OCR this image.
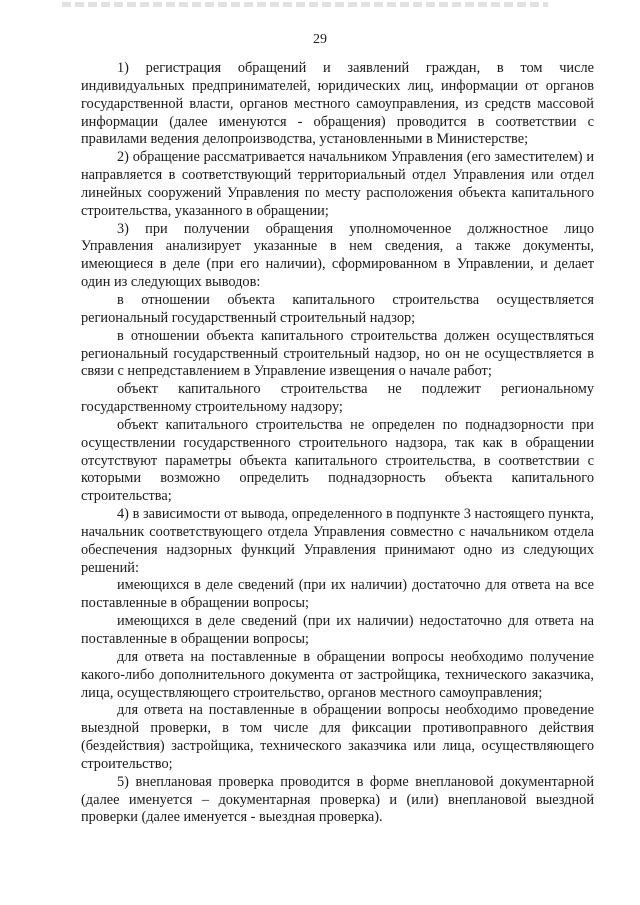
29

1) регистрация обращений и заявлений граждан, в том числе индивидуальных предпринимателей, юридических лиц, информации от органов государственной власти, органов местного самоуправления, из средств массовой информации (далее именуются - обращения) проводится в соответствии с правилами ведения делопроизводства, установленными в Министерстве;

2) обращение рассматривается начальником Управления (его заместителем) и направляется в соответствующий территориальный отдел Управления или отдел линейных сооружений Управления по месту расположения объекта капитального строительства, указанного в обращении;

3) при получении обращения уполномоченное должностное лицо Управления анализирует указанные в нем сведения, а также документы, имеющиеся в деле (при его наличии), сформированном в Управлении, и делает один из следующих выводов:

в отношении объекта капитального строительства осуществляется региональный государственный строительный надзор;

в отношении объекта капитального строительства должен осуществляться региональный государственный строительный надзор, но он не осуществляется в связи с непредставлением в Управление извещения о начале работ;

объект капитального строительства не подлежит региональному государственному строительному надзору;

объект капитального строительства не определен по поднадзорности при осуществлении государственного строительного надзора, так как в обращении отсутствуют параметры объекта капитального строительства, в соответствии с которыми возможно определить поднадзорность объекта капитального строительства;

4) в зависимости от вывода, определенного в подпункте 3 настоящего пункта, начальник соответствующего отдела Управления совместно с начальником отдела обеспечения надзорных функций Управления принимают одно из следующих решений:

имеющихся в деле сведений (при их наличии) достаточно для ответа на все поставленные в обращении вопросы;

имеющихся в деле сведений (при их наличии) недостаточно для ответа на поставленные в обращении вопросы;

для ответа на поставленные в обращении вопросы необходимо получение какого-либо дополнительного документа от застройщика, технического заказчика, лица, осуществляющего строительство, органов местного самоуправления;

для ответа на поставленные в обращении вопросы необходимо проведение выездной проверки, в том числе для фиксации противоправного действия (бездействия) застройщика, технического заказчика или лица, осуществляющего строительство;

5) внеплановая проверка проводится в форме внеплановой документарной (далее именуется – документарная проверка) и (или) внеплановой выездной проверки (далее именуется - выездная проверка).
